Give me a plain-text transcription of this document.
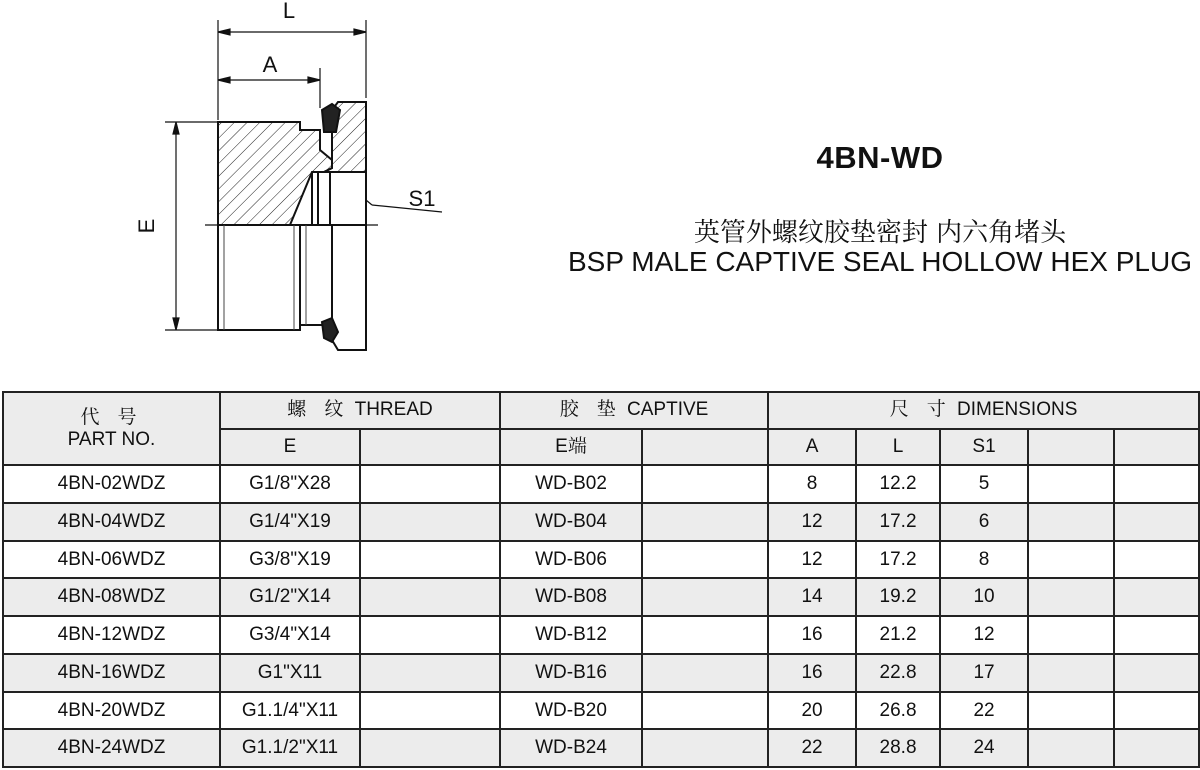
L
A
E
S1
4BN-WD
英管外螺纹胶垫密封 内六角堵头
BSP MALE CAPTIVE SEAL HOLLOW HEX PLUG
代 号
PART NO.	螺 纹 THREAD		胶 垫 CAPTIVE		尺 寸 DIMENSIONS				
	E		E端		A	L	S1		
4BN-02WDZ	G1/8"X28		WD-B02		8	12.2	5		
4BN-04WDZ	G1/4"X19		WD-B04		12	17.2	6		
4BN-06WDZ	G3/8"X19		WD-B06		12	17.2	8		
4BN-08WDZ	G1/2"X14		WD-B08		14	19.2	10		
4BN-12WDZ	G3/4"X14		WD-B12		16	21.2	12		
4BN-16WDZ	G1"X11		WD-B16		16	22.8	17		
4BN-20WDZ	G1.1/4"X11		WD-B20		20	26.8	22		
4BN-24WDZ	G1.1/2"X11		WD-B24		22	28.8	24		
